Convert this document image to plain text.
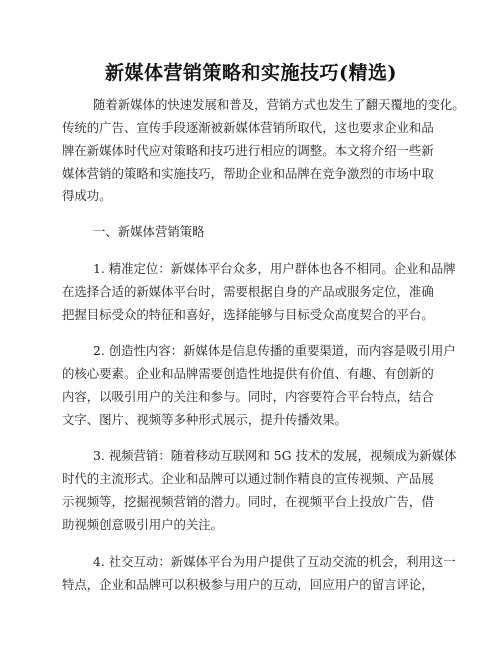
新媒体营销策略和实施技巧(精选)
随着新媒体的快速发展和普及，营销方式也发生了翻天覆地的变化。
传统的广告、宣传手段逐渐被新媒体营销所取代，这也要求企业和品
牌在新媒体时代应对策略和技巧进行相应的调整。本文将介绍一些新
媒体营销的策略和实施技巧，帮助企业和品牌在竞争激烈的市场中取
得成功。
一、新媒体营销策略
1. 精准定位：新媒体平台众多，用户群体也各不相同。企业和品牌
在选择合适的新媒体平台时，需要根据自身的产品或服务定位，准确
把握目标受众的特征和喜好，选择能够与目标受众高度契合的平台。
2. 创造性内容：新媒体是信息传播的重要渠道，而内容是吸引用户
的核心要素。企业和品牌需要创造性地提供有价值、有趣、有创新的
内容，以吸引用户的关注和参与。同时，内容要符合平台特点，结合
文字、图片、视频等多种形式展示，提升传播效果。
3. 视频营销：随着移动互联网和 5G 技术的发展，视频成为新媒体
时代的主流形式。企业和品牌可以通过制作精良的宣传视频、产品展
示视频等，挖掘视频营销的潜力。同时，在视频平台上投放广告，借
助视频创意吸引用户的关注。
4. 社交互动：新媒体平台为用户提供了互动交流的机会，利用这一
特点，企业和品牌可以积极参与用户的互动，回应用户的留言评论，
